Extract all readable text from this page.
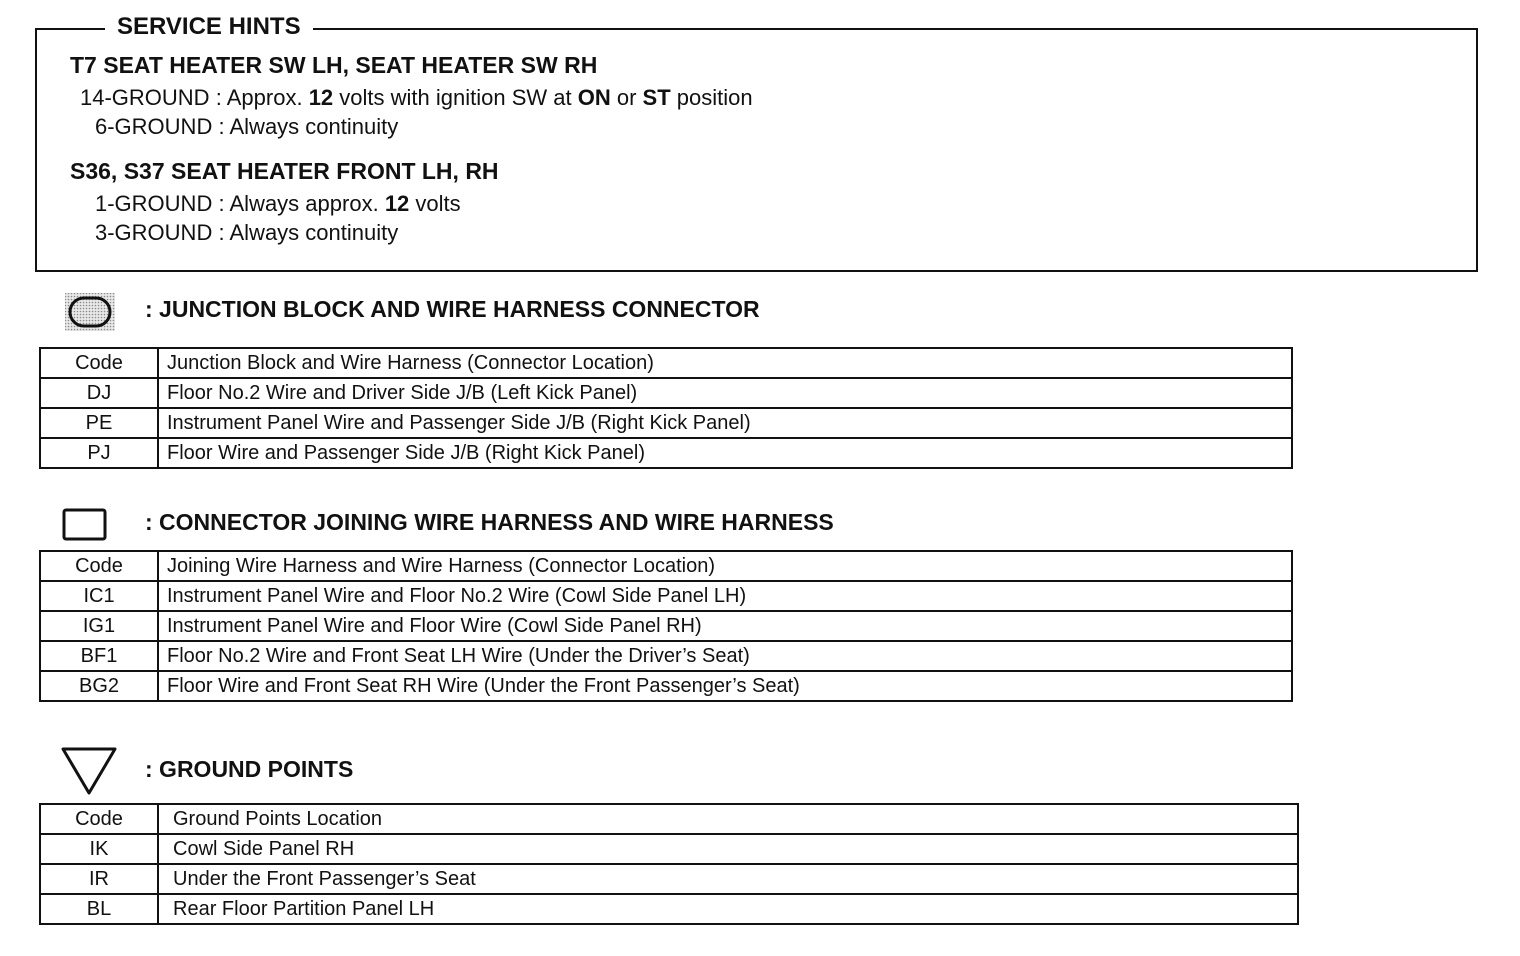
SERVICE HINTS
T7 SEAT HEATER SW LH, SEAT HEATER SW RH
14-GROUND : Approx. 12 volts with ignition SW at ON or ST position
6-GROUND : Always continuity
S36, S37 SEAT HEATER FRONT LH, RH
1-GROUND : Always approx. 12 volts
3-GROUND : Always continuity
: JUNCTION BLOCK AND WIRE HARNESS CONNECTOR
Code	Junction Block and Wire Harness (Connector Location)
DJ	Floor No.2 Wire and Driver Side J/B (Left Kick Panel)
PE	Instrument Panel Wire and Passenger Side J/B (Right Kick Panel)
PJ	Floor Wire and Passenger Side J/B (Right Kick Panel)
: CONNECTOR JOINING WIRE HARNESS AND WIRE HARNESS
Code	Joining Wire Harness and Wire Harness (Connector Location)
IC1	Instrument Panel Wire and Floor No.2 Wire (Cowl Side Panel LH)
IG1	Instrument Panel Wire and Floor Wire (Cowl Side Panel RH)
BF1	Floor No.2 Wire and Front Seat LH Wire (Under the Driver’s Seat)
BG2	Floor Wire and Front Seat RH Wire (Under the Front Passenger’s Seat)
: GROUND POINTS
Code	Ground Points Location
IK	Cowl Side Panel RH
IR	Under the Front Passenger’s Seat
BL	Rear Floor Partition Panel LH
